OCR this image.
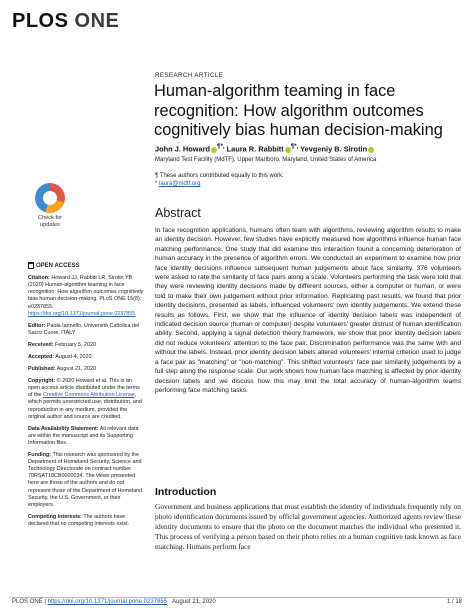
PLOS ONE
RESEARCH ARTICLE
Human-algorithm teaming in face recognition: How algorithm outcomes cognitively bias human decision-making
John J. Howard ¶*, Laura R. Rabbitt ¶*, Yevgeniy B. Sirotin
Maryland Test Facility (MdTF), Upper Marlboro, Maryland, United States of America
¶ These authors contributed equally to this work.
* laura@mdtf.org
Check for
updates
Abstract
In face recognition applications, humans often team with algorithms, reviewing algorithm results to make an identity decision. However, few studies have explicitly measured how algorithms influence human face matching performance. One study that did examine this interaction found a concerning deterioration of human accuracy in the presence of algorithm errors. We conducted an experiment to examine how prior face identity decisions influence subsequent human judgements about face similarity. 376 volunteers were asked to rate the similarity of face pairs along a scale. Volunteers performing the task were told that they were reviewing identity decisions made by different sources, either a computer or human, or were told to make their own judgement without prior information. Replicating past results, we found that prior identity decisions, presented as labels, influenced volunteers' own identity judgements. We extend these results as follows. First, we show that the influence of identity decision labels was independent of indicated decision source (human or computer) despite volunteers' greater distrust of human identification ability. Second, applying a signal detection theory framework, we show that prior identity decision labels did not reduce volunteers' attention to the face pair. Discrimination performance was the same with and without the labels. Instead, prior identity decision labels altered volunteers' internal criterion used to judge a face pair as "matching" or "non-matching". This shifted volunteers' face pair similarity judgements by a full step along the response scale. Our work shows how human face matching is affected by prior identity decision labels and we discuss how this may limit the total accuracy of human-algorithm teams performing face matching tasks.
OPEN ACCESS
Citation: Howard JJ, Rabbitt LR, Sirotin YB (2020) Human-algorithm teaming in face recognition: How algorithm outcomes cognitively bias human decision-making. PLoS ONE 15(8): e0237855. https://doi.org/10.1371/journal.pone.0237855
Editor: Paola Iannello, Università Cattolica del Sacro Cuore, ITALY
Received: February 5, 2020
Accepted: August 4, 2020
Published: August 21, 2020
Copyright: © 2020 Howard et al. This is an open access article distributed under the terms of the Creative Commons Attribution License, which permits unrestricted use, distribution, and reproduction in any medium, provided the original author and source are credited.
Data Availability Statement: All relevant data are within the manuscript and its Supporting Information files.
Funding: This research was sponsored by the Department of Homeland Security, Science and Technology Directorate on contract number 70RSAT18CB0000034. The views presented here are those of the authors and do not represent those of the Department of Homeland Security, the U.S. Government, or their employers.
Competing interests: The authors have declared that no competing interests exist.
Introduction
Government and business applications that must establish the identity of individuals frequently rely on photo identification documents issued by official government agencies. Authorized agents review these identity documents to ensure that the photo on the document matches the individual who presented it. This process of verifying a person based on their photo relies on a human cognitive task known as face matching. Humans perform face
PLOS ONE | https://doi.org/10.1371/journal.pone.0237855 August 21, 2020	1 / 18
